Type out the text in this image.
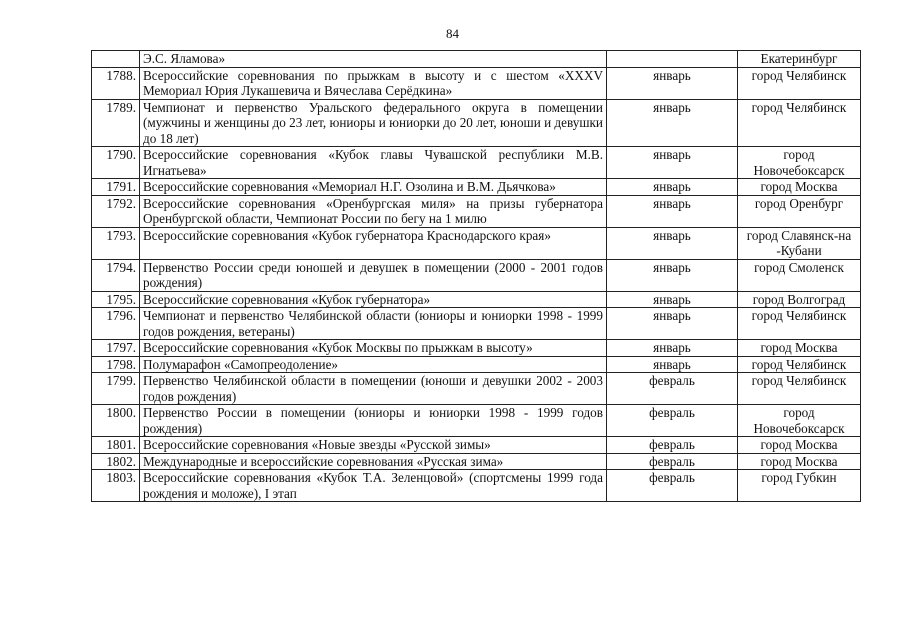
84
	Э.С. Яламова»		Екатеринбург
1788.	Всероссийские соревнования по прыжкам в высоту и с шестом «XXXV Мемориал Юрия Лукашевича и Вячеслава Серёдкина»	январь	город Челябинск
1789.	Чемпионат и первенство Уральского федерального округа в помещении (мужчины и женщины до 23 лет, юниоры и юниорки до 20 лет, юноши и девушки до 18 лет)	январь	город Челябинск
1790.	Всероссийские соревнования «Кубок главы Чувашской республики М.В. Игнатьева»	январь	город Новочебоксарск
1791.	Всероссийские соревнования «Мемориал Н.Г. Озолина и В.М. Дьячкова»	январь	город Москва
1792.	Всероссийские соревнования «Оренбургская миля» на призы губернатора Оренбургской области, Чемпионат России по бегу на 1 милю	январь	город Оренбург
1793.	Всероссийские соревнования «Кубок губернатора Краснодарского края»	январь	город Славянск-на -Кубани
1794.	Первенство России среди юношей и девушек в помещении (2000 - 2001 годов рождения)	январь	город Смоленск
1795.	Всероссийские соревнования «Кубок губернатора»	январь	город Волгоград
1796.	Чемпионат и первенство Челябинской области (юниоры и юниорки 1998 - 1999 годов рождения, ветераны)	январь	город Челябинск
1797.	Всероссийские соревнования «Кубок Москвы по прыжкам в высоту»	январь	город Москва
1798.	Полумарафон «Самопреодоление»	январь	город Челябинск
1799.	Первенство Челябинской области в помещении (юноши и девушки 2002 - 2003 годов рождения)	февраль	город Челябинск
1800.	Первенство России в помещении (юниоры и юниорки 1998 - 1999 годов рождения)	февраль	город Новочебоксарск
1801.	Всероссийские соревнования «Новые звезды «Русской зимы»	февраль	город Москва
1802.	Международные и всероссийские соревнования «Русская зима»	февраль	город Москва
1803.	Всероссийские соревнования «Кубок Т.А. Зеленцовой» (спортсмены 1999 года рождения и моложе), I этап	февраль	город Губкин
